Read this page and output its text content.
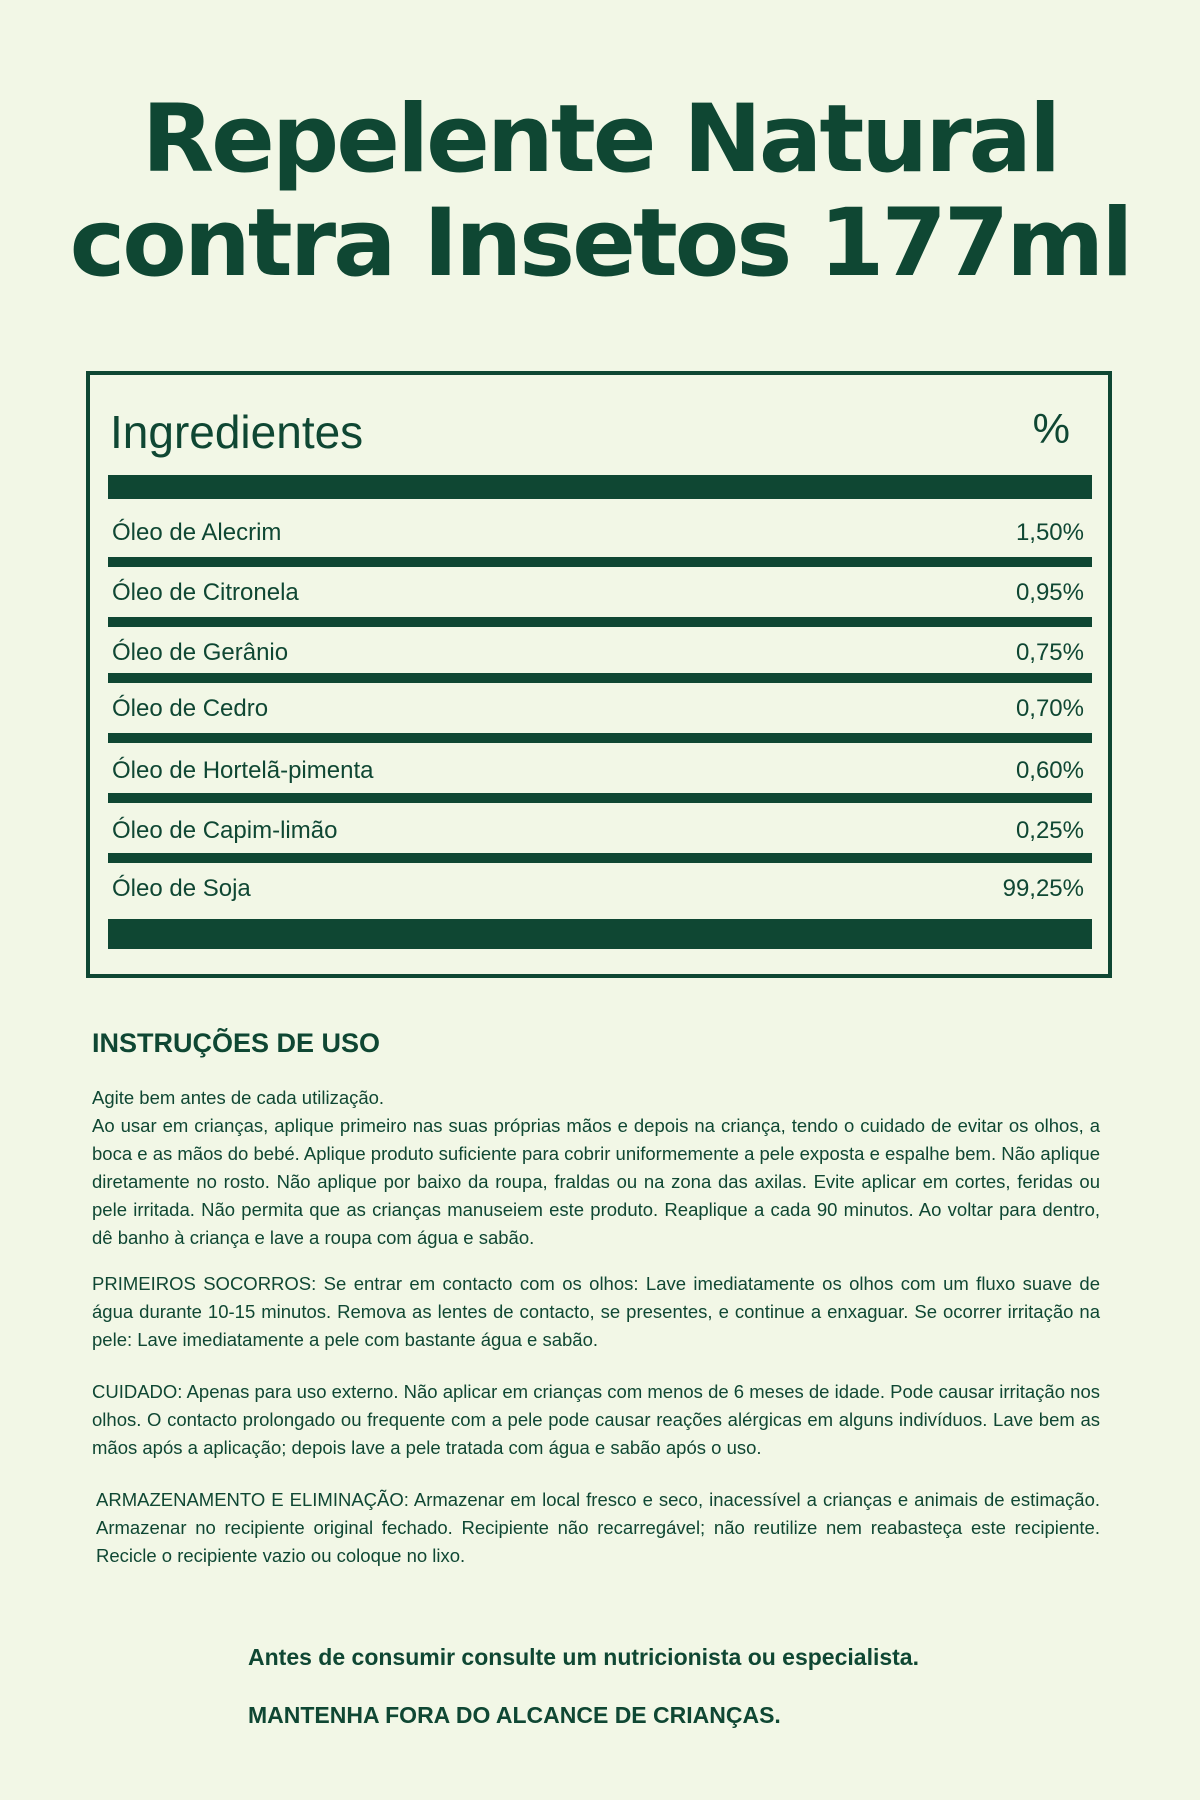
Repelente Natural
contra Insetos 177ml
Ingredientes	%
Óleo de Alecrim	1,50%
Óleo de Citronela	0,95%
Óleo de Gerânio	0,75%
Óleo de Cedro	0,70%
Óleo de Hortelã-pimenta	0,60%
Óleo de Capim-limão	0,25%
Óleo de Soja	99,25%
INSTRUÇÕES DE USO

Agite bem antes de cada utilização.

Ao usar em crianças, aplique primeiro nas suas próprias mãos e depois na criança, tendo o cuidado de evitar os olhos, a boca e as mãos do bebé. Aplique produto suficiente para cobrir uniformemente a pele exposta e espalhe bem. Não aplique diretamente no rosto. Não aplique por baixo da roupa, fraldas ou na zona das axilas. Evite aplicar em cortes, feridas ou pele irritada. Não permita que as crianças manuseiem este produto. Reaplique a cada 90 minutos. Ao voltar para dentro, dê banho à criança e lave a roupa com água e sabão.

PRIMEIROS SOCORROS: Se entrar em contacto com os olhos: Lave imediatamente os olhos com um fluxo suave de água durante 10-15 minutos. Remova as lentes de contacto, se presentes, e continue a enxaguar. Se ocorrer irritação na pele: Lave imediatamente a pele com bastante água e sabão.

CUIDADO: Apenas para uso externo. Não aplicar em crianças com menos de 6 meses de idade. Pode causar irritação nos olhos. O contacto prolongado ou frequente com a pele pode causar reações alérgicas em alguns indivíduos. Lave bem as mãos após a aplicação; depois lave a pele tratada com água e sabão após o uso.

ARMAZENAMENTO E ELIMINAÇÃO: Armazenar em local fresco e seco, inacessível a crianças e animais de estimação. Armazenar no recipiente original fechado. Recipiente não recarregável; não reutilize nem reabasteça este recipiente. Recicle o recipiente vazio ou coloque no lixo.

Antes de consumir consulte um nutricionista ou especialista.

MANTENHA FORA DO ALCANCE DE CRIANÇAS.
